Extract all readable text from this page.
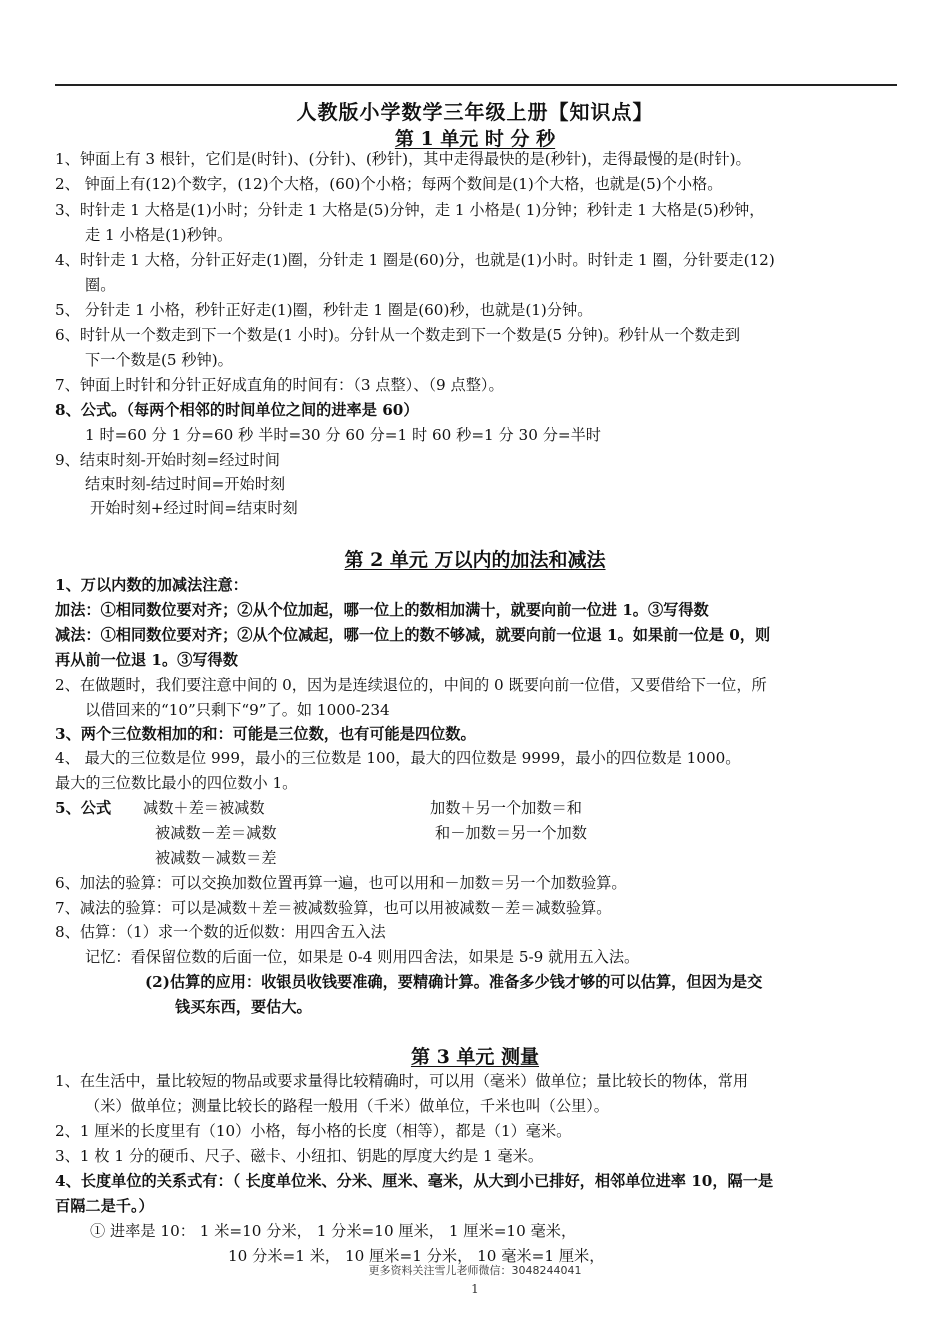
人教版小学数学三年级上册【知识点】
第 1 单元 时 分 秒
第 2 单元 万以内的加法和减法
第 3 单元 测量
1、钟面上有 3 根针，它们是(时针)、(分针)、(秒针)，其中走得最快的是(秒针)，走得最慢的是(时针)。
2、 钟面上有(12)个数字，(12)个大格，(60)个小格；每两个数间是(1)个大格，也就是(5)个小格。
3、时针走 1 大格是(1)小时；分针走 1 大格是(5)分钟，走 1 小格是( 1)分钟；秒针走 1 大格是(5)秒钟，
走 1 小格是(1)秒钟。
4、时针走 1 大格，分针正好走(1)圈，分针走 1 圈是(60)分，也就是(1)小时。时针走 1 圈，分针要走(12)
圈。
5、 分针走 1 小格，秒针正好走(1)圈，秒针走 1 圈是(60)秒，也就是(1)分钟。
6、时针从一个数走到下一个数是(1 小时)。分针从一个数走到下一个数是(5 分钟)。秒针从一个数走到
下一个数是(5 秒钟)。
7、钟面上时针和分针正好成直角的时间有：（3 点整）、（9 点整）。
8、公式。（每两个相邻的时间单位之间的进率是 60）
1 时=60 分 1 分=60 秒 半时=30 分 60 分=1 时 60 秒=1 分 30 分=半时
9、结束时刻-开始时刻=经过时间
结束时刻-结过时间=开始时刻
开始时刻+经过时间=结束时刻
1、万以内数的加减法注意：
加法：①相同数位要对齐；②从个位加起，哪一位上的数相加满十，就要向前一位进 1。③写得数
减法：①相同数位要对齐；②从个位减起，哪一位上的数不够减，就要向前一位退 1。如果前一位是 0，则
再从前一位退 1。③写得数
2、在做题时，我们要注意中间的 0，因为是连续退位的，中间的 0 既要向前一位借，又要借给下一位，所
以借回来的“10”只剩下“9”了。如 1000-234
3、两个三位数相加的和：可能是三位数，也有可能是四位数。
4、 最大的三位数是位 999，最小的三位数是 100，最大的四位数是 9999，最小的四位数是 1000。
最大的三位数比最小的四位数小 1。
5、公式 减数＋差＝被减数	加数＋另一个加数＝和
被减数－差＝减数	和－加数＝另一个加数
被减数－减数＝差
6、加法的验算：可以交换加数位置再算一遍，也可以用和－加数＝另一个加数验算。
7、减法的验算：可以是减数＋差＝被减数验算，也可以用被减数－差＝减数验算。
8、估算：（1）求一个数的近似数：用四舍五入法
记忆：看保留位数的后面一位，如果是 0-4 则用四舍法，如果是 5-9 就用五入法。
(2)估算的应用：收银员收钱要准确，要精确计算。准备多少钱才够的可以估算，但因为是交
钱买东西，要估大。
1、在生活中，量比较短的物品或要求量得比较精确时，可以用（毫米）做单位；量比较长的物体，常用
（米）做单位；测量比较长的路程一般用（千米）做单位，千米也叫（公里）。
2、1 厘米的长度里有（10）小格，每小格的长度（相等），都是（1）毫米。
3、1 枚 1 分的硬币、尺子、磁卡、小纽扣、钥匙的厚度大约是 1 毫米。
4、长度单位的关系式有：（ 长度单位米、分米、厘米、毫米，从大到小已排好，相邻单位进率 10，隔一是
百隔二是千。）
① 进率是 10： 1 米=10 分米， 1 分米=10 厘米， 1 厘米=10 毫米，
10 分米=1 米， 10 厘米=1 分米， 10 毫米=1 厘米，
更多资料关注雪儿老师微信：3048244041
1
